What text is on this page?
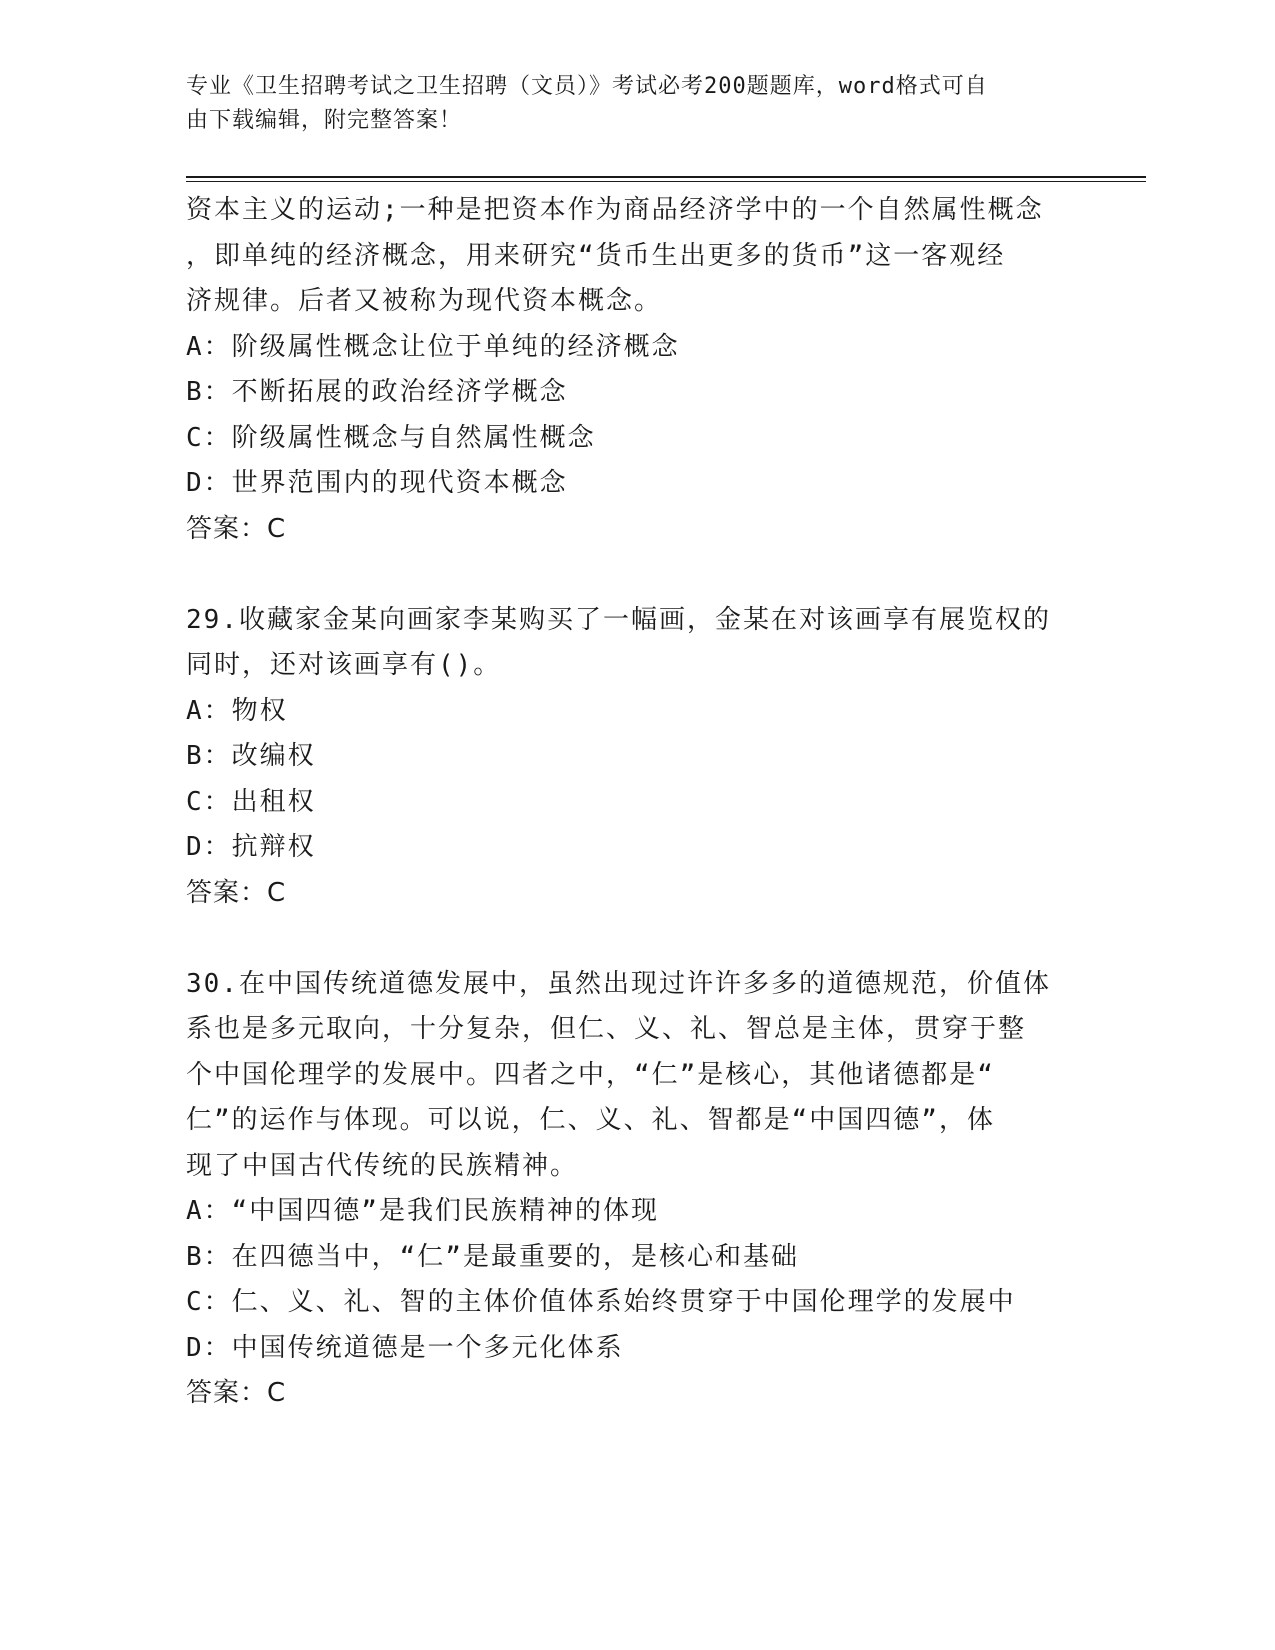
专业《卫生招聘考试之卫生招聘（文员）》考试必考200题题库，word格式可自
由下载编辑，附完整答案！
资本主义的运动;一种是把资本作为商品经济学中的一个自然属性概念
，即单纯的经济概念，用来研究“货币生出更多的货币”这一客观经
济规律。后者又被称为现代资本概念。
A：阶级属性概念让位于单纯的经济概念
B：不断拓展的政治经济学概念
C：阶级属性概念与自然属性概念
D：世界范围内的现代资本概念
答案：C
29.收藏家金某向画家李某购买了一幅画，金某在对该画享有展览权的
同时，还对该画享有()。
A：物权
B：改编权
C：出租权
D：抗辩权
答案：C
30.在中国传统道德发展中，虽然出现过许许多多的道德规范，价值体
系也是多元取向，十分复杂，但仁、义、礼、智总是主体，贯穿于整
个中国伦理学的发展中。四者之中，“仁”是核心，其他诸德都是“
仁”的运作与体现。可以说，仁、义、礼、智都是“中国四德”，体
现了中国古代传统的民族精神。
A：“中国四德”是我们民族精神的体现
B：在四德当中，“仁”是最重要的，是核心和基础
C：仁、义、礼、智的主体价值体系始终贯穿于中国伦理学的发展中
D：中国传统道德是一个多元化体系
答案：C
